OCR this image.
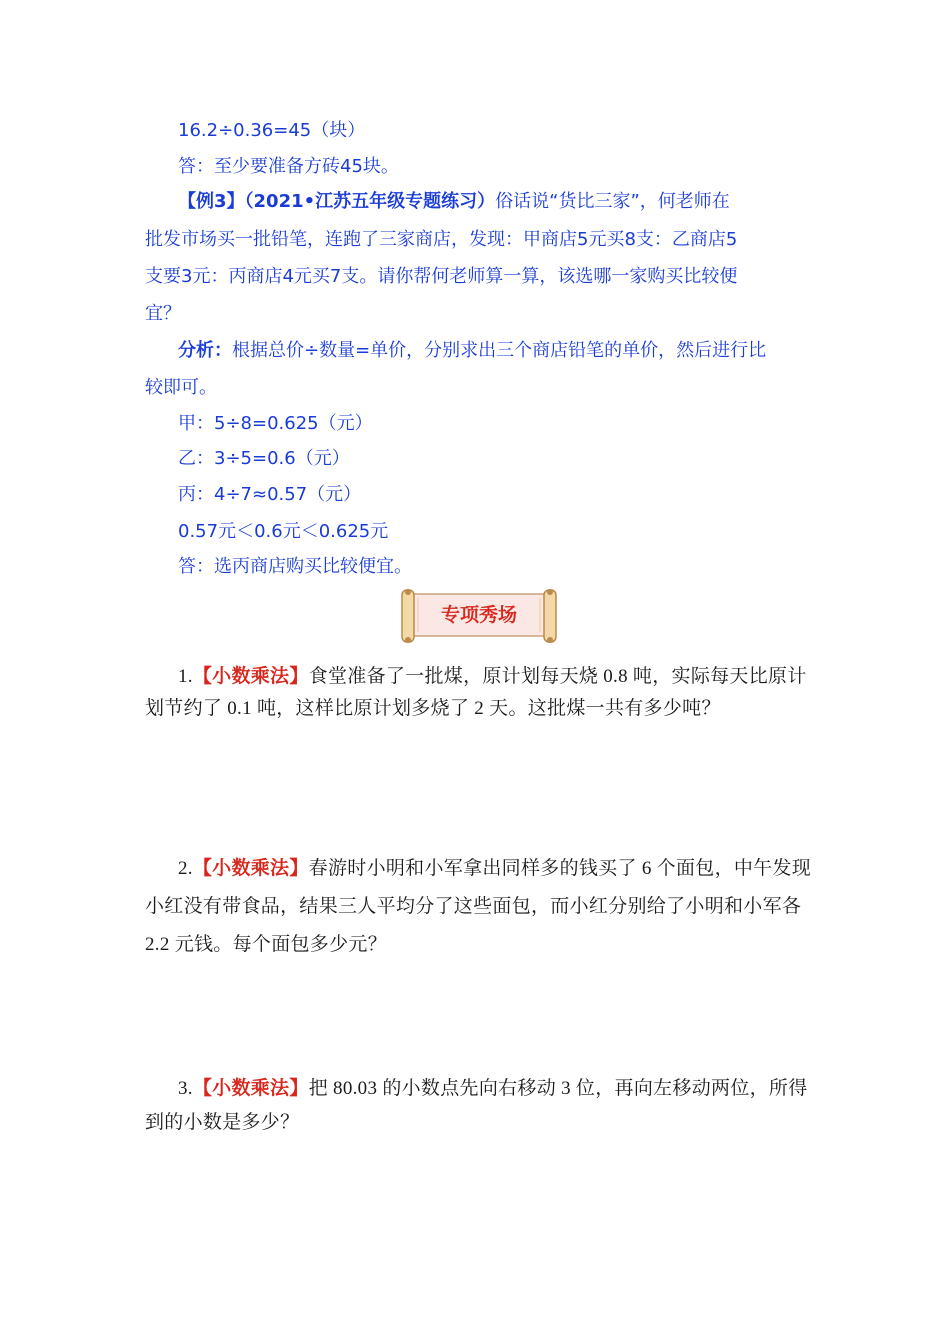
16.2÷0.36=45（块）
答：至少要准备方砖45块。
【例3】（2021•江苏五年级专题练习）俗话说“货比三家”，何老师在
批发市场买一批铅笔，连跑了三家商店，发现：甲商店5元买8支：乙商店5
支要3元：丙商店4元买7支。请你帮何老师算一算，该选哪一家购买比较便
宜？
分析：根据总价÷数量=单价，分别求出三个商店铅笔的单价，然后进行比
较即可。
甲：5÷8=0.625（元）
乙：3÷5=0.6（元）
丙：4÷7≈0.57（元）
0.57元＜0.6元＜0.625元
答：选丙商店购买比较便宜。
专项秀场
1.【小数乘法】食堂准备了一批煤，原计划每天烧 0.8 吨，实际每天比原计
划节约了 0.1 吨，这样比原计划多烧了 2 天。这批煤一共有多少吨？
2.【小数乘法】春游时小明和小军拿出同样多的钱买了 6 个面包，中午发现
小红没有带食品，结果三人平均分了这些面包，而小红分别给了小明和小军各
2.2 元钱。每个面包多少元？
3.【小数乘法】把 80.03 的小数点先向右移动 3 位，再向左移动两位，所得
到的小数是多少？
